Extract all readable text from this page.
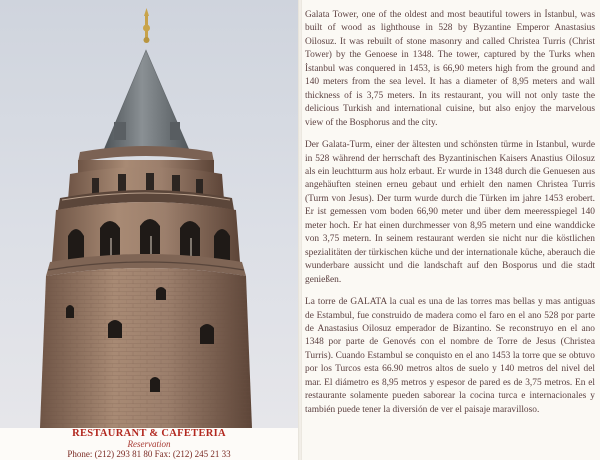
RESTAURANT & CAFETERIA
Reservation
Phone: (212) 293 81 80 Fax: (212) 245 21 33

Galata Tower, one of the oldest and most beautiful towers in İstanbul, was built of wood as lighthouse in 528 by Byzantine Emperor Anastasius Oilosuz. It was rebuilt of stone masonry and called Christea Turris (Christ Tower) by the Genoese in 1348. The tower, captured by the Turks when İstanbul was conquered in 1453, is 66,90 meters high from the ground and 140 meters from the sea level. It has a diameter of 8,95 meters and wall thickness of is 3,75 meters. In its restaurant, you will not only taste the delicious Turkish and international cuisine, but also enjoy the marvelous view of the Bosphorus and the city.

Der Galata-Turm, einer der ältesten und schönsten türme in Istanbul, wurde in 528 während der herrschaft des Byzantinischen Kaisers Anastius Oilosuz als ein leuchtturm aus holz erbaut. Er wurde in 1348 durch die Genuesen aus angehäuften steinen erneu gebaut und erhielt den namen Christea Turris (Turm von Jesus). Der turm wurde durch die Türken im jahre 1453 erobert. Er ist gemessen vom boden 66,90 meter und über dem meeresspiegel 140 meter hoch. Er hat einen durchmesser von 8,95 metern und eine wanddicke von 3,75 metern. In seinem restaurant werden sie nicht nur die köstlichen spezialitäten der türkischen küche und der internationale küche, aberauch die wunderbare aussicht und die landschaft auf den Bosporus und die stadt genießen.

La torre de GALATA la cual es una de las torres mas bellas y mas antiguas de Estambul, fue construido de madera como el faro en el ano 528 por parte de Anastasius Oilosuz emperador de Bizantino. Se reconstruyo en el ano 1348 por parte de Genovés con el nombre de Torre de Jesus (Christea Turris). Cuando Estambul se conquisto en el ano 1453 la torre que se obtuvo por los Turcos esta 66.90 metros altos de suelo y 140 metros del nivel del mar. El diámetro es 8,95 metros y espesor de pared es de 3,75 metros. En el restaurante solamente pueden saborear la cocina turca e internacionales y también puede tener la diversión de ver el paisaje maravilloso.
